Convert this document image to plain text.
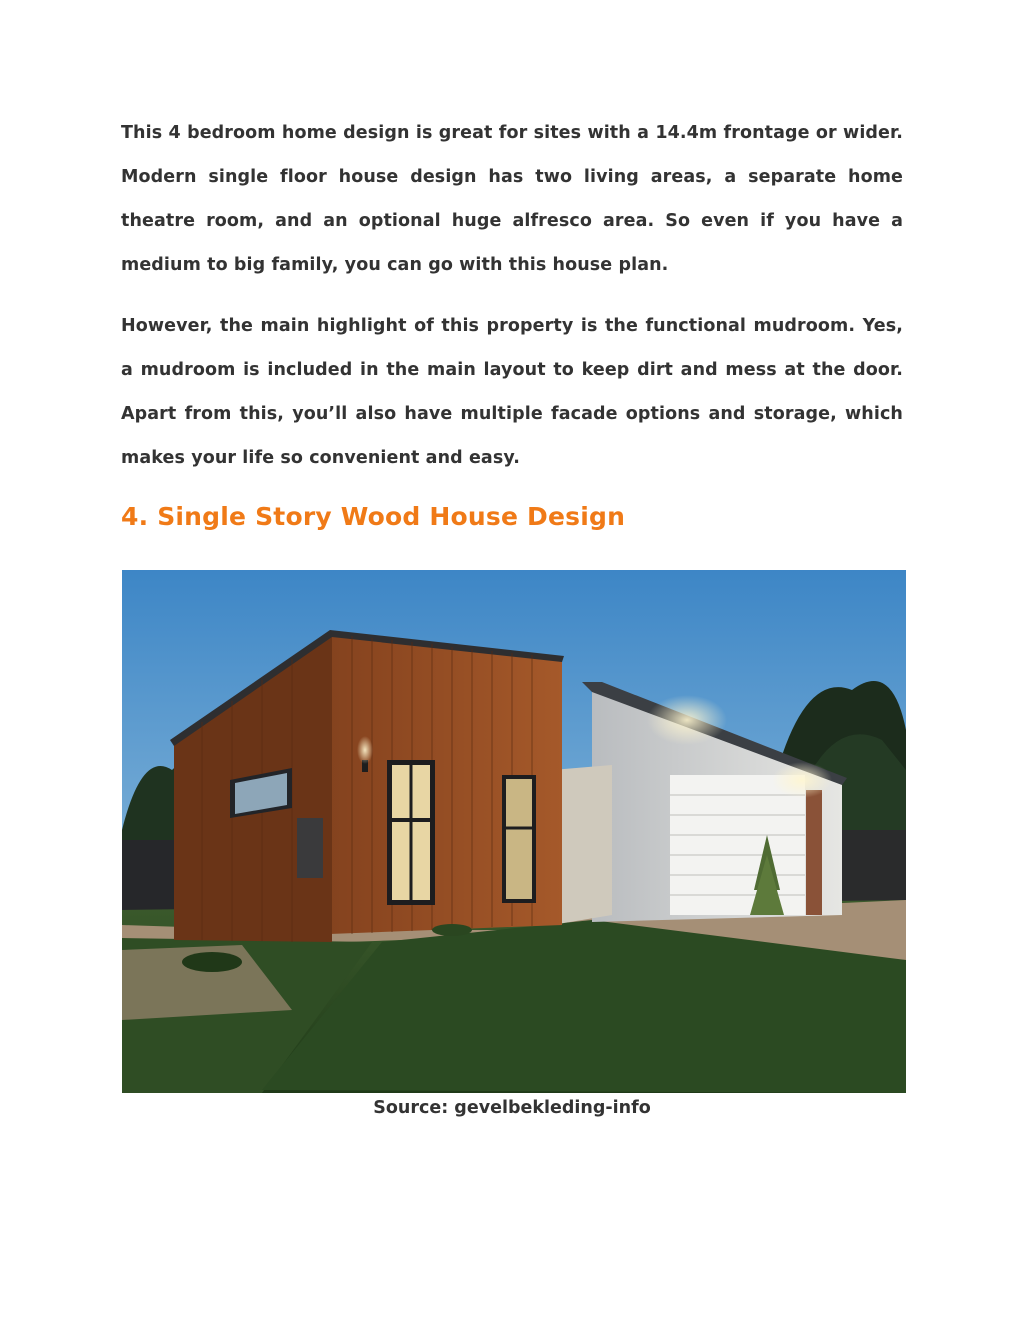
This 4 bedroom home design is great for sites with a 14.4m frontage or wider. Modern single floor house design has two living areas, a separate home theatre room, and an optional huge alfresco area. So even if you have a medium to big family, you can go with this house plan.

However, the main highlight of this property is the functional mudroom. Yes, a mudroom is included in the main layout to keep dirt and mess at the door. Apart from this, you’ll also have multiple facade options and storage, which makes your life so convenient and easy.

4. Single Story Wood House Design

Source: gevelbekleding-info
